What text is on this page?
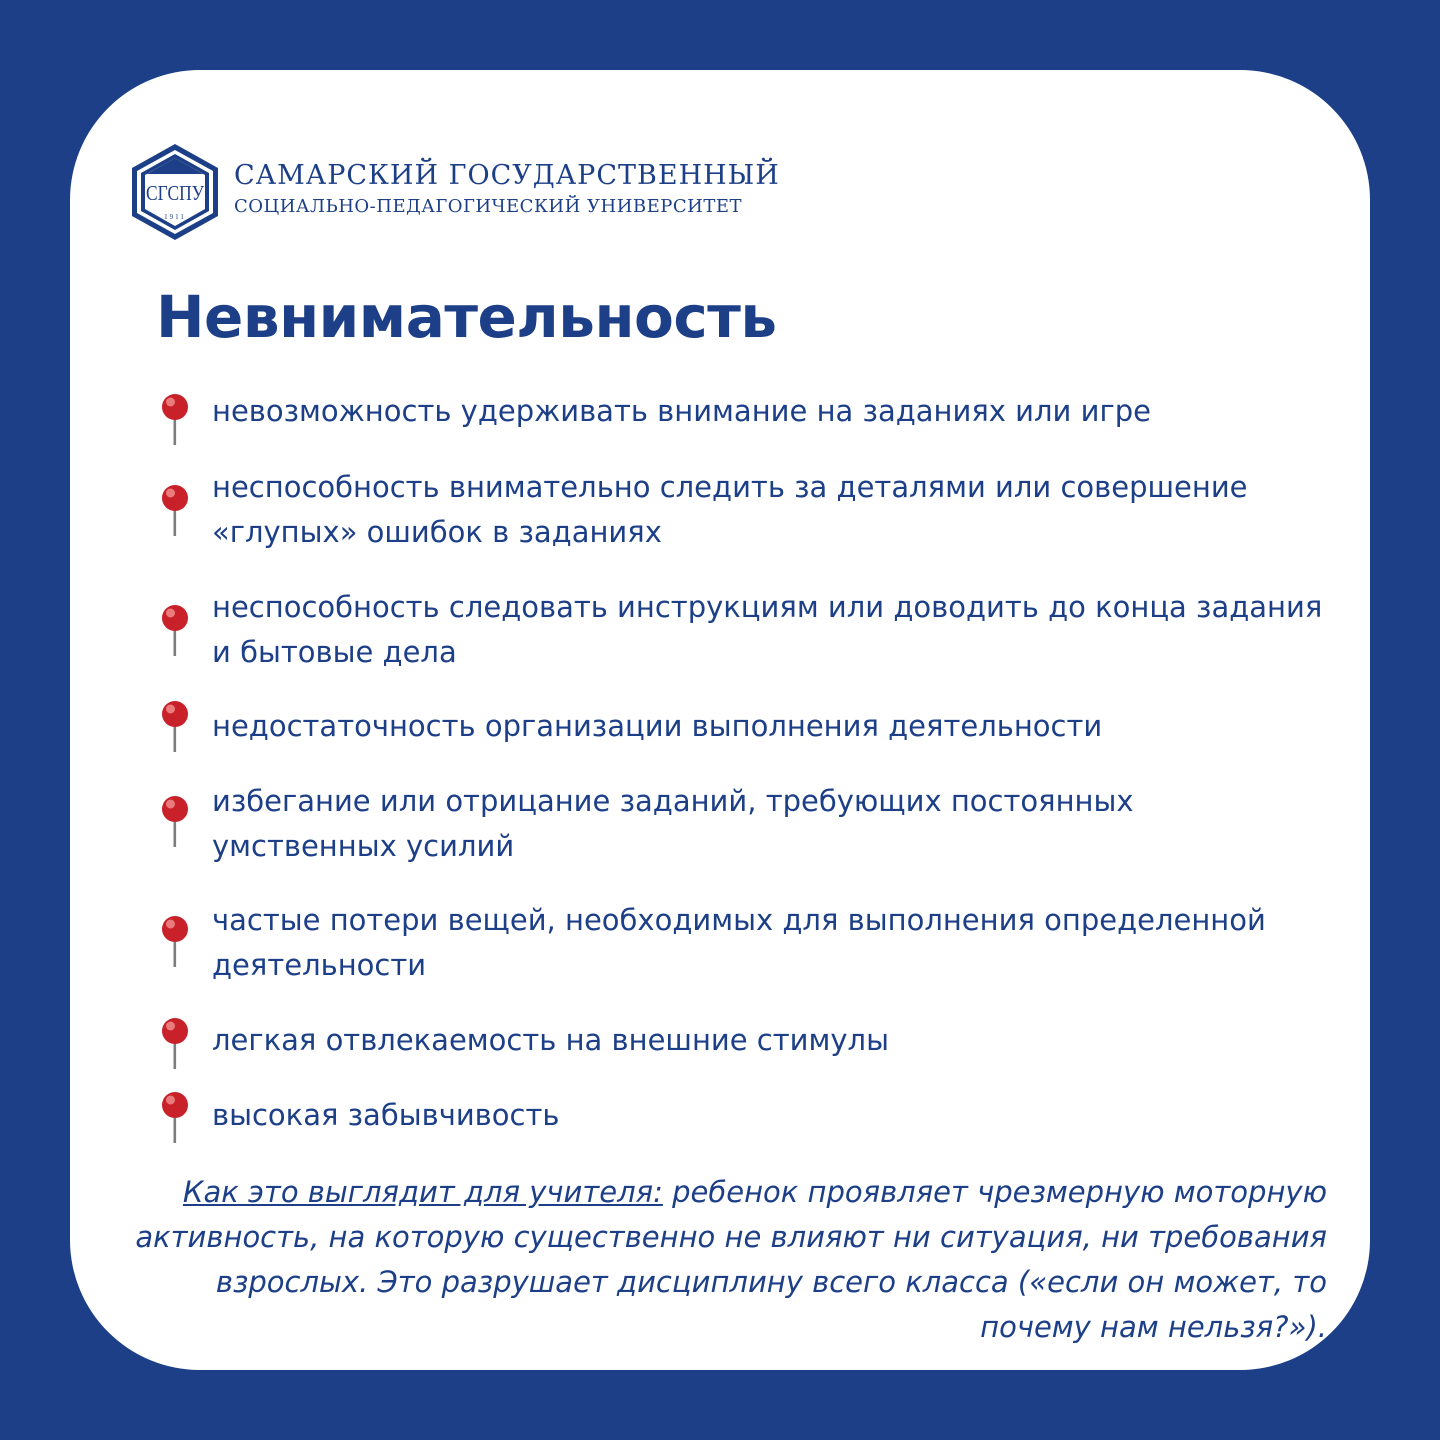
СГСПУ
1911
САМАРСКИЙ ГОСУДАРСТВЕННЫЙ
СОЦИАЛЬНО-ПЕДАГОГИЧЕСКИЙ УНИВЕРСИТЕТ
Невнимательность
невозможность удерживать внимание на заданиях или игре
неспособность внимательно следить за деталями или совершение «глупых» ошибок в заданиях
неспособность следовать инструкциям или доводить до конца задания и бытовые дела
недостаточность организации выполнения деятельности
избегание или отрицание заданий, требующих постоянных умственных усилий
частые потери вещей, необходимых для выполнения определенной деятельности
легкая отвлекаемость на внешние стимулы
высокая забывчивость
Как это выглядит для учителя: ребенок проявляет чрезмерную моторную активность, на которую существенно не влияют ни ситуация, ни требования взрослых. Это разрушает дисциплину всего класса («если он может, то почему нам нельзя?»).
